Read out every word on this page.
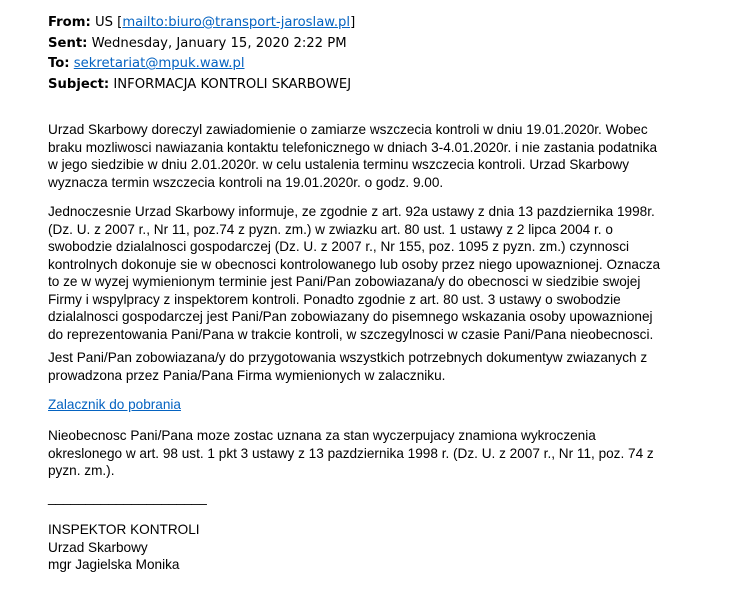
From: US [mailto:biuro@transport-jaroslaw.pl]
Sent: Wednesday, January 15, 2020 2:22 PM
To: sekretariat@mpuk.waw.pl
Subject: INFORMACJA KONTROLI SKARBOWEJ

Urzad Skarbowy doreczyl zawiadomienie o zamiarze wszczecia kontroli w dniu 19.01.2020r. Wobec
braku mozliwosci nawiazania kontaktu telefonicznego w dniach 3-4.01.2020r. i nie zastania podatnika
w jego siedzibie w dniu 2.01.2020r. w celu ustalenia terminu wszczecia kontroli. Urzad Skarbowy
wyznacza termin wszczecia kontroli na 19.01.2020r. o godz. 9.00.

Jednoczesnie Urzad Skarbowy informuje, ze zgodnie z art. 92a ustawy z dnia 13 pazdziernika 1998r.
(Dz. U. z 2007 r., Nr 11, poz.74 z pyzn. zm.) w zwiazku art. 80 ust. 1 ustawy z 2 lipca 2004 r. o
swobodzie dzialalnosci gospodarczej (Dz. U. z 2007 r., Nr 155, poz. 1095 z pyzn. zm.) czynnosci
kontrolnych dokonuje sie w obecnosci kontrolowanego lub osoby przez niego upowaznionej. Oznacza
to ze w wyzej wymienionym terminie jest Pani/Pan zobowiazana/y do obecnosci w siedzibie swojej
Firmy i wspylpracy z inspektorem kontroli. Ponadto zgodnie z art. 80 ust. 3 ustawy o swobodzie
dzialalnosci gospodarczej jest Pani/Pan zobowiazany do pisemnego wskazania osoby upowaznionej
do reprezentowania Pani/Pana w trakcie kontroli, w szczegylnosci w czasie Pani/Pana nieobecnosci.

Jest Pani/Pan zobowiazana/y do przygotowania wszystkich potrzebnych dokumentyw zwiazanych z
prowadzona przez Pania/Pana Firma wymienionych w zalaczniku.

Zalacznik do pobrania

Nieobecnosc Pani/Pana moze zostac uznana za stan wyczerpujacy znamiona wykroczenia
okreslonego w art. 98 ust. 1 pkt 3 ustawy z 13 pazdziernika 1998 r. (Dz. U. z 2007 r., Nr 11, poz. 74 z
pyzn. zm.).

_____________________

INSPEKTOR KONTROLI
Urzad Skarbowy
mgr Jagielska Monika
